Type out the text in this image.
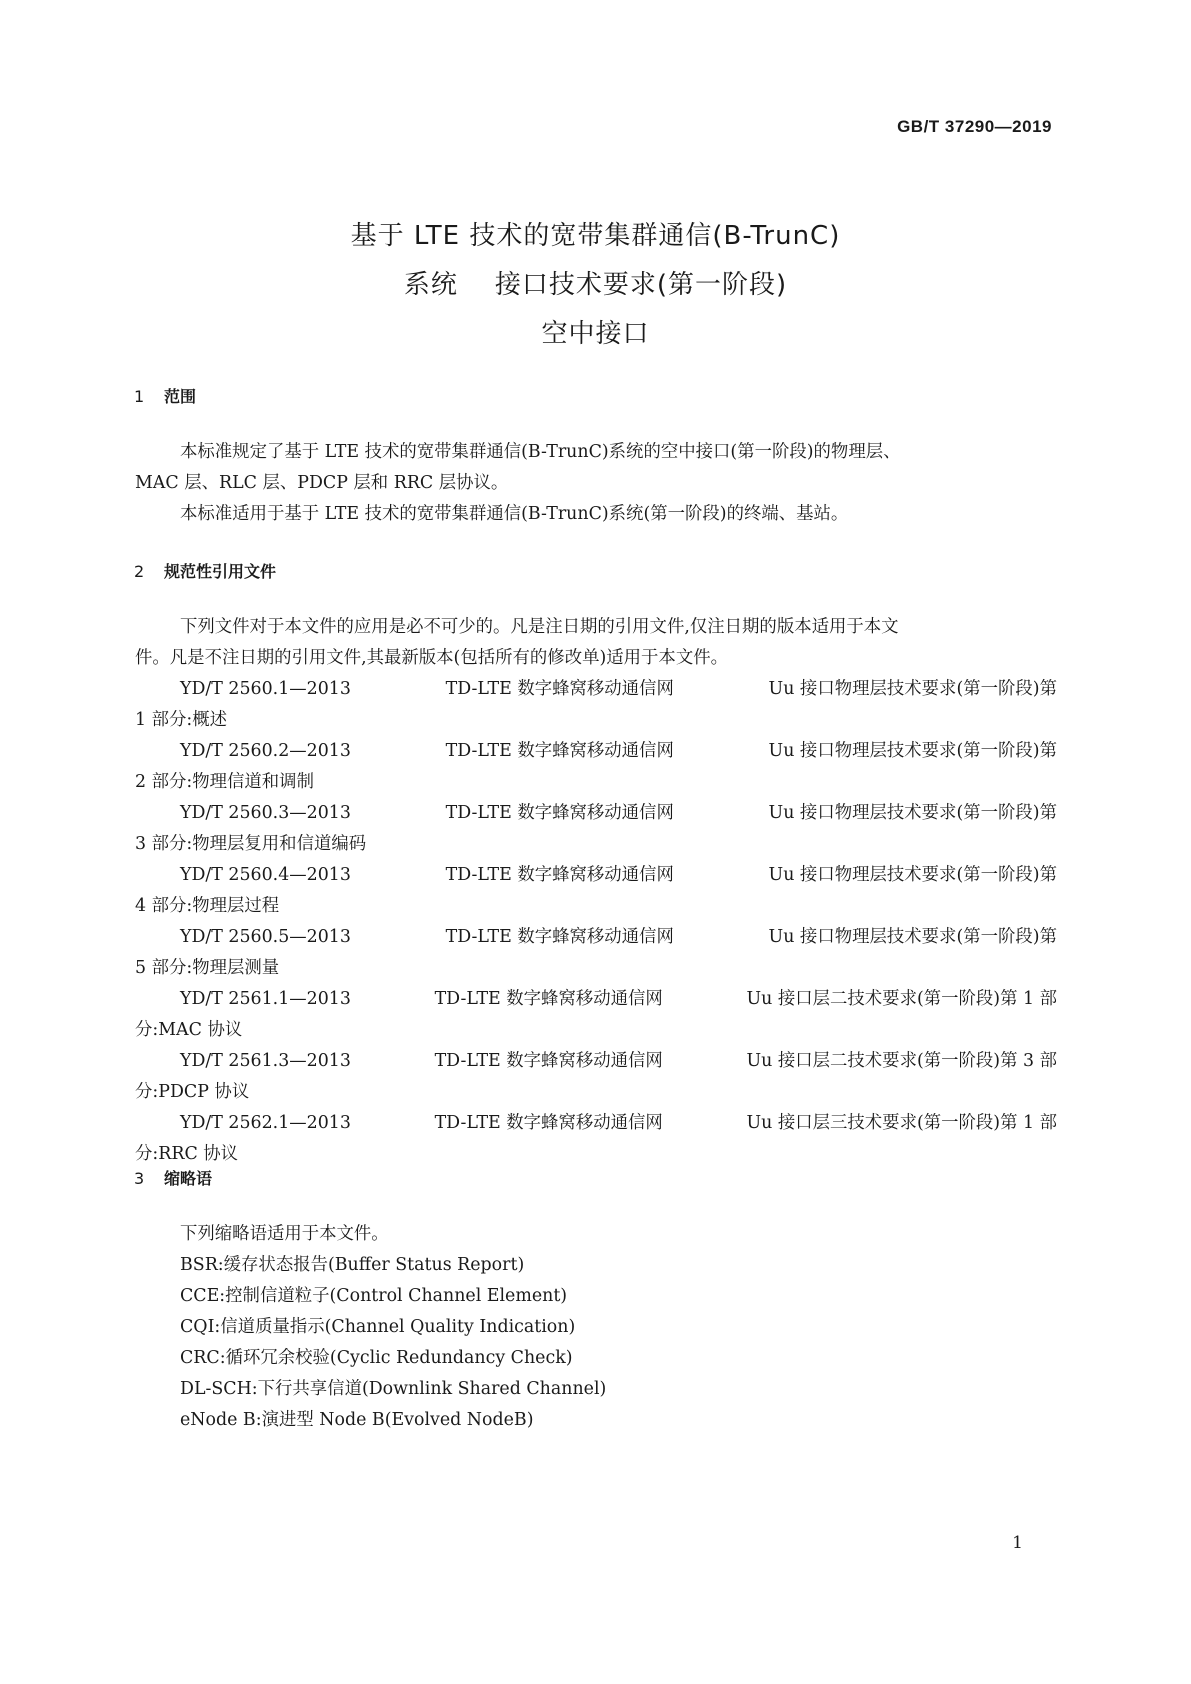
GB/T 37290—2019
基于 LTE 技术的宽带集群通信(B-TrunC)
系统    接口技术要求(第一阶段)
空中接口
1 范围
本标准规定了基于 LTE 技术的宽带集群通信(B-TrunC)系统的空中接口(第一阶段)的物理层、
MAC 层、RLC 层、PDCP 层和 RRC 层协议。
本标准适用于基于 LTE 技术的宽带集群通信(B-TrunC)系统(第一阶段)的终端、基站。
2 规范性引用文件
下列文件对于本文件的应用是必不可少的。凡是注日期的引用文件,仅注日期的版本适用于本文
件。凡是不注日期的引用文件,其最新版本(包括所有的修改单)适用于本文件。
YD/T 2560.1—2013	TD-LTE 数字蜂窝移动通信网	Uu 接口物理层技术要求(第一阶段)第
1 部分:概述
YD/T 2560.2—2013	TD-LTE 数字蜂窝移动通信网	Uu 接口物理层技术要求(第一阶段)第
2 部分:物理信道和调制
YD/T 2560.3—2013	TD-LTE 数字蜂窝移动通信网	Uu 接口物理层技术要求(第一阶段)第
3 部分:物理层复用和信道编码
YD/T 2560.4—2013	TD-LTE 数字蜂窝移动通信网	Uu 接口物理层技术要求(第一阶段)第
4 部分:物理层过程
YD/T 2560.5—2013	TD-LTE 数字蜂窝移动通信网	Uu 接口物理层技术要求(第一阶段)第
5 部分:物理层测量
YD/T 2561.1—2013	TD-LTE 数字蜂窝移动通信网	Uu 接口层二技术要求(第一阶段)第 1 部
分:MAC 协议
YD/T 2561.3—2013	TD-LTE 数字蜂窝移动通信网	Uu 接口层二技术要求(第一阶段)第 3 部
分:PDCP 协议
YD/T 2562.1—2013	TD-LTE 数字蜂窝移动通信网	Uu 接口层三技术要求(第一阶段)第 1 部
分:RRC 协议
3 缩略语
下列缩略语适用于本文件。
BSR:缓存状态报告(Buffer Status Report)
CCE:控制信道粒子(Control Channel Element)
CQI:信道质量指示(Channel Quality Indication)
CRC:循环冗余校验(Cyclic Redundancy Check)
DL-SCH:下行共享信道(Downlink Shared Channel)
eNode B:演进型 Node B(Evolved NodeB)
1
